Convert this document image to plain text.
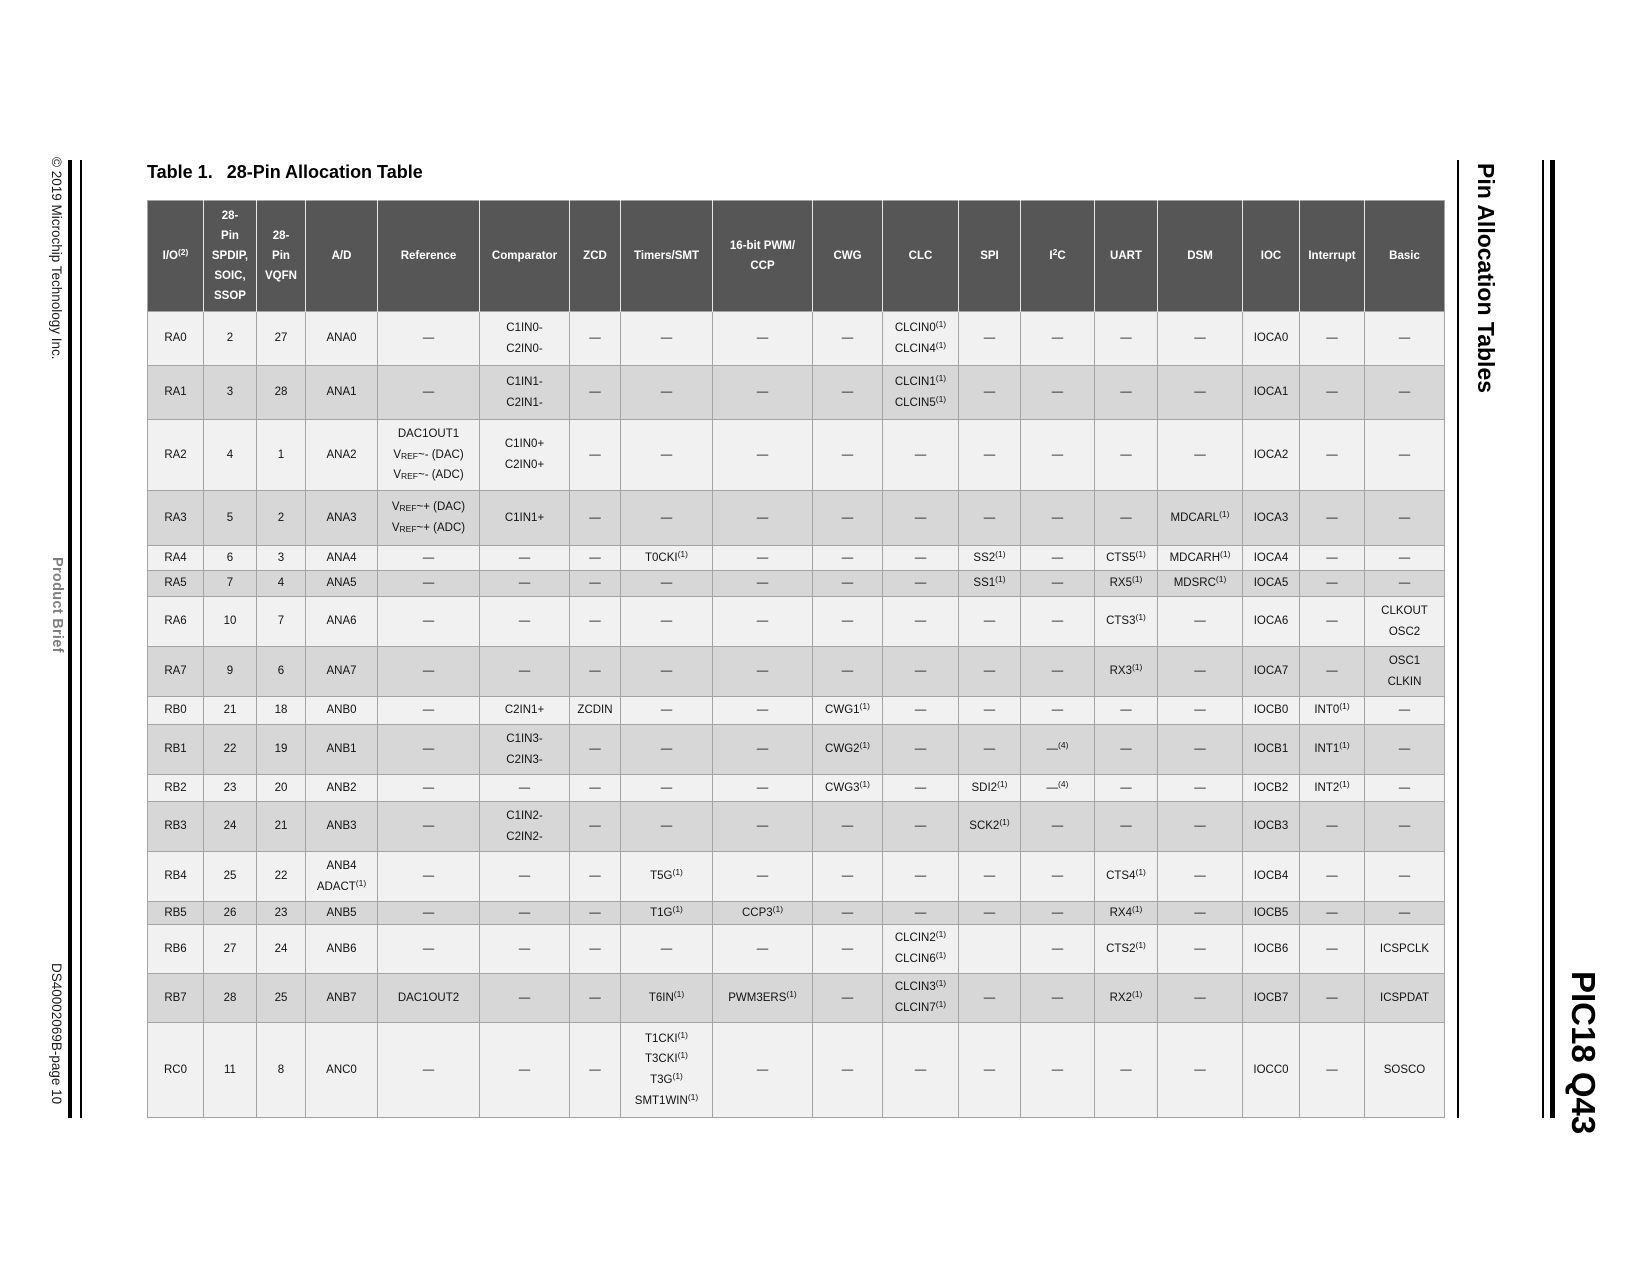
© 2019 Microchip Technology Inc.
Product Brief
DS40002069B-page 10
Pin Allocation Tables
PIC18 Q43
Table 1. 28-Pin Allocation Table
$I/O^{(2)}$	28-
Pin
SPDIP,
SOIC,
SSOP	28-
Pin
VQFN	A/D	Reference	Comparator	ZCD	Timers/SMT	16-bit PWM/
CCP	CWG	CLC	SPI	$I^2C$	UART	DSM	IOC	Interrupt	Basic
RA0	2	27	ANA0	—	C1IN0-
C2IN0-	—	—	—	—	CLCIN0$^{(1)}$
CLCIN4$^{(1)}$	—	—	—	—	IOCA0	—	—
RA1	3	28	ANA1	—	C1IN1-
C2IN1-	—	—	—	—	CLCIN1$^{(1)}$
CLCIN5$^{(1)}$	—	—	—	—	IOCA1	—	—
RA2	4	1	ANA2	DAC1OUT1
$V_{REF}\sim-$ (DAC)
$V_{REF}\sim-$ (ADC)	C1IN0+
C2IN0+	—	—	—	—	—	—	—	—	—	IOCA2	—	—
RA3	5	2	ANA3	$V_{REF}\sim+ (DAC)$
$V_{REF}\sim+ (ADC)$	C1IN1+	—	—	—	—	—	—	—	—	MDCARL$^{(1)}$	IOCA3	—	—
RA4	6	3	ANA4	—	—	—	T0CKI$^{(1)}$	—	—	—	SS2$^{(1)}$	—	CTS5$^{(1)}$	MDCARH$^{(1)}$	IOCA4	—	—
RA5	7	4	ANA5	—	—	—	—	—	—	—	SS1$^{(1)}$	—	RX5$^{(1)}$	MDSRC$^{(1)}$	IOCA5	—	—
RA6	10	7	ANA6	—	—	—	—	—	—	—	—	—	CTS3$^{(1)}$	—	IOCA6	—	CLKOUT
OSC2
RA7	9	6	ANA7	—	—	—	—	—	—	—	—	—	RX3$^{(1)}$	—	IOCA7	—	OSC1
CLKIN
RB0	21	18	ANB0	—	C2IN1+	ZCDIN	—	—	CWG1$^{(1)}$	—	—	—	—	—	IOCB0	INT0$^{(1)}$	—
RB1	22	19	ANB1	—	C1IN3-
C2IN3-	—	—	—	CWG2$^{(1)}$	—	—	—$^{(4)}$	—	—	IOCB1	INT1$^{(1)}$	—
RB2	23	20	ANB2	—	—	—	—	—	CWG3$^{(1)}$	—	SDI2$^{(1)}$	—$^{(4)}$	—	—	IOCB2	INT2$^{(1)}$	—
RB3	24	21	ANB3	—	C1IN2-
C2IN2-	—	—	—	—	—	SCK2$^{(1)}$	—	—	—	IOCB3	—	—
RB4	25	22	ANB4
ADACT$^{(1)}$	—	—	—	$T5G^{(1)}$	—	—	—	—	—	CTS4$^{(1)}$	—	IOCB4	—	—
RB5	26	23	ANB5	—	—	—	$T1G^{(1)}$	CCP3$^{(1)}$	—	—	—	—	RX4$^{(1)}$	—	IOCB5	—	—
RB6	27	24	ANB6	—	—	—	—	—	—	CLCIN2$^{(1)}$
CLCIN6$^{(1)}$		—	CTS2$^{(1)}$	—	IOCB6	—	ICSPCLK
RB7	28	25	ANB7	DAC1OUT2	—	—	T6IN$^{(1)}$	PWM3ERS$^{(1)}$	—	CLCIN3$^{(1)}$
CLCIN7$^{(1)}$	—	—	RX2$^{(1)}$	—	IOCB7	—	ICSPDAT
RC0	11	8	ANC0	—	—	—	T1CKI$^{(1)}$
T3CKI$^{(1)}$
$T3G^{(1)}$
SMT1WIN$^{(1)}$	—	—	—	—	—	—	—	IOCC0	—	SOSCO
